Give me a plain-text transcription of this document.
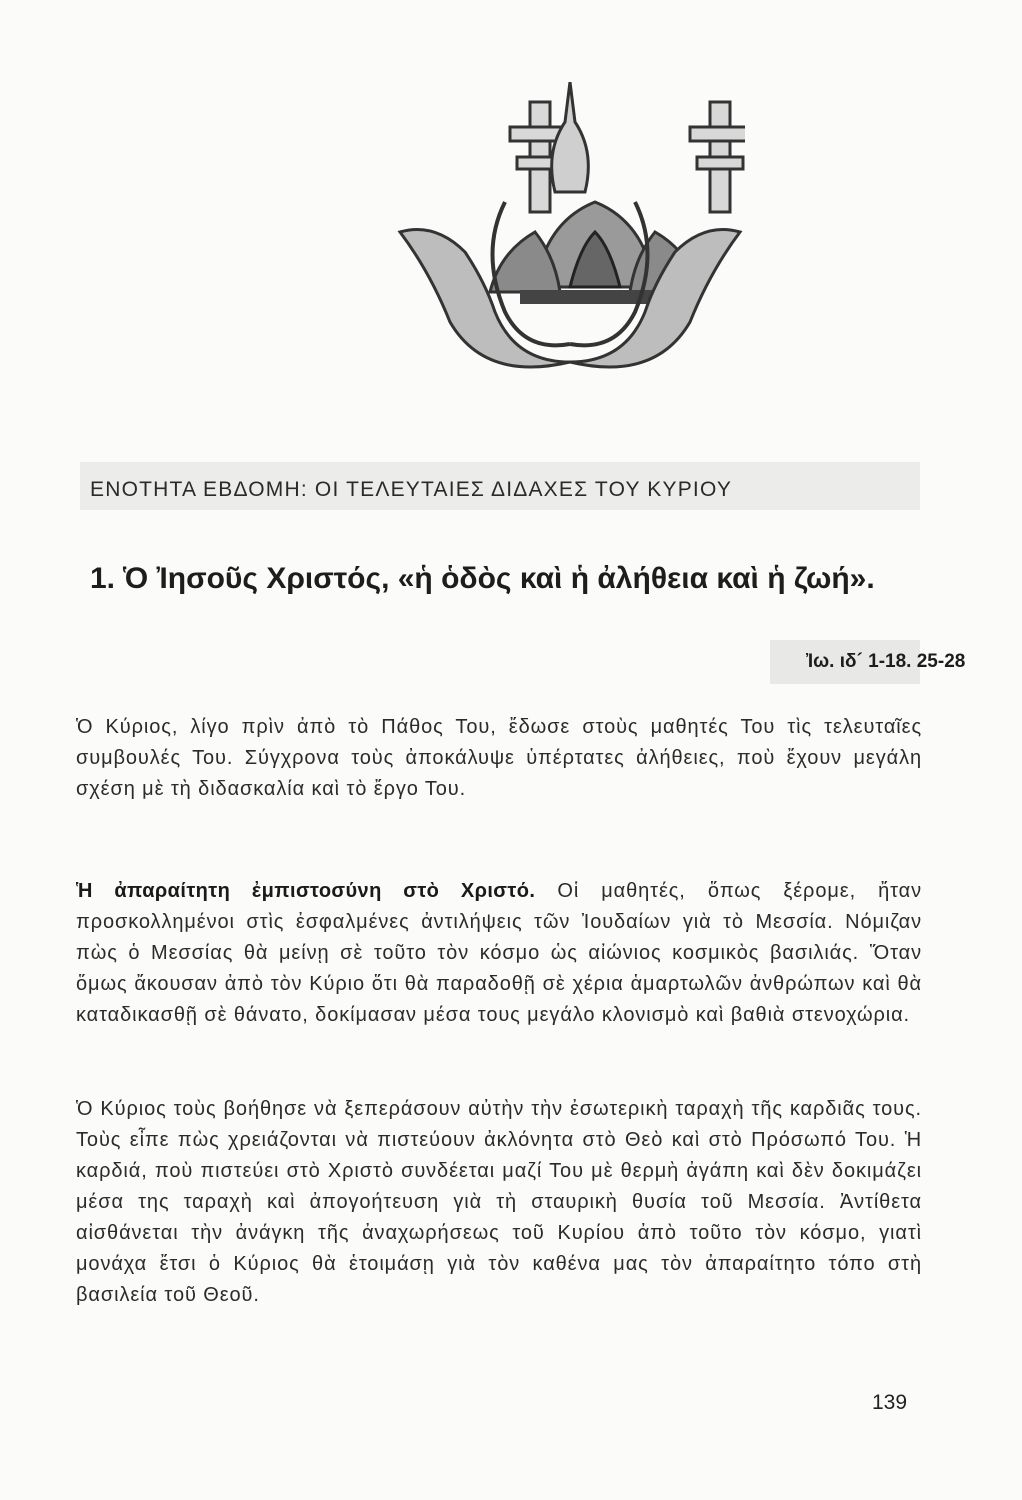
ΕΝΟΤΗΤΑ ΕΒΔΟΜΗ: ΟΙ ΤΕΛΕΥΤΑΙΕΣ ΔΙΔΑΧΕΣ ΤΟΥ ΚΥΡΙΟΥ
1. Ὁ Ἰησοῦς Χριστός, «ἡ ὁδὸς καὶ ἡ ἀλήθεια καὶ ἡ ζωή».
Ἰω. ιδ´ 1-18. 25-28

Ὁ Κύριος, λίγο πρὶν ἀπὸ τὸ Πάθος Του, ἔδωσε στοὺς μαθητές Του τὶς τελευταῖες συμβουλές Του. Σύγχρονα τοὺς ἀποκάλυψε ὑπέρτατες ἀλήθειες, ποὺ ἔχουν μεγάλη σχέση μὲ τὴ διδασκαλία καὶ τὸ ἔργο Του.

Ἡ ἀπαραίτητη ἐμπιστοσύνη στὸ Χριστό. Οἱ μαθητές, ὅπως ξέρομε, ἤταν προσκολλημένοι στὶς ἐσφαλμένες ἀντιλήψεις τῶν Ἰουδαίων γιὰ τὸ Μεσσία. Νόμιζαν πὼς ὁ Μεσσίας θὰ μείνῃ σὲ τοῦτο τὸν κόσμο ὡς αἰώνιος κοσμικὸς βασιλιάς. Ὅταν ὅμως ἄκουσαν ἀπὸ τὸν Κύριο ὅτι θὰ παραδοθῇ σὲ χέρια ἁμαρτωλῶν ἀνθρώπων καὶ θὰ καταδικασθῇ σὲ θάνατο, δοκίμασαν μέσα τους μεγάλο κλονισμὸ καὶ βαθιὰ στενοχώρια.

Ὁ Κύριος τοὺς βοήθησε νὰ ξεπεράσουν αὐτὴν τὴν ἐσωτερικὴ ταραχὴ τῆς καρδιᾶς τους. Τοὺς εἶπε πὼς χρειάζονται νὰ πιστεύουν ἀκλόνητα στὸ Θεὸ καὶ στὸ Πρόσωπό Του. Ἡ καρδιά, ποὺ πιστεύει στὸ Χριστὸ συνδέεται μαζί Του μὲ θερμὴ ἀγάπη καὶ δὲν δοκιμάζει μέσα της ταραχὴ καὶ ἀπογοήτευση γιὰ τὴ σταυρικὴ θυσία τοῦ Μεσσία. Ἀντίθετα αἰσθάνεται τὴν ἀνάγκη τῆς ἀναχωρήσεως τοῦ Κυρίου ἀπὸ τοῦτο τὸν κόσμο, γιατὶ μονάχα ἔτσι ὁ Κύριος θὰ ἑτοιμάσῃ γιὰ τὸν καθένα μας τὸν ἀπαραίτητο τόπο στὴ βασιλεία τοῦ Θεοῦ.

139
